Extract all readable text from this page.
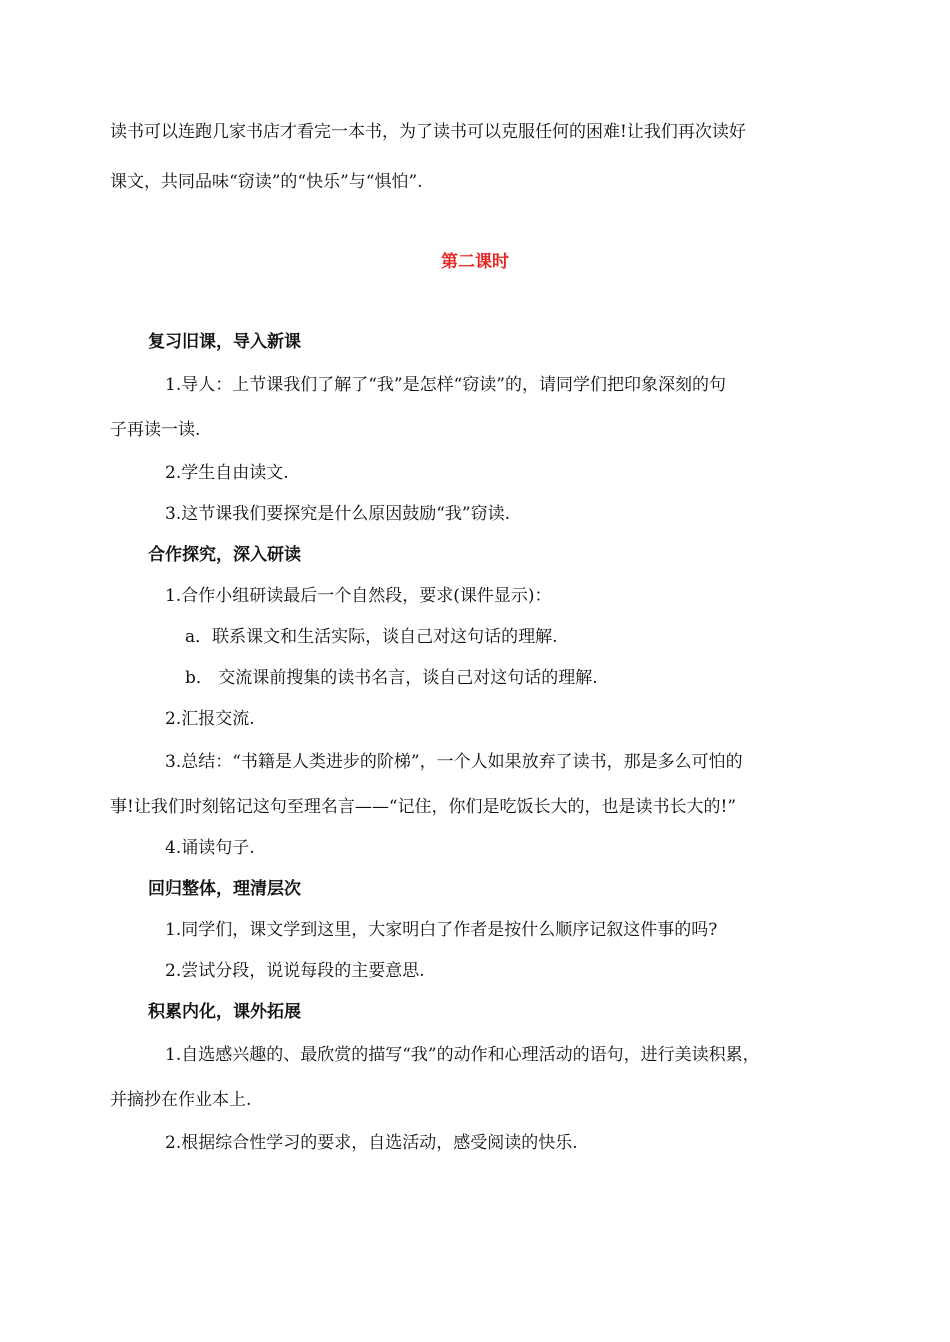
读书可以连跑几家书店才看完一本书，为了读书可以克服任何的困难!让我们再次读好
课文，共同品味“窃读”的“快乐”与“惧怕”.
第二课时
复习旧课，导入新课
1.导人：上节课我们了解了“我”是怎样“窃读”的，请同学们把印象深刻的句
子再读一读.
2.学生自由读文.
3.这节课我们要探究是什么原因鼓励“我”窃读.
合作探究，深入研读
1.合作小组研读最后一个自然段，要求(课件显示)：
a．联系课文和生活实际，谈自己对这句话的理解.
b． 交流课前搜集的读书名言，谈自己对这句话的理解.
2.汇报交流.
3.总结：“书籍是人类进步的阶梯”，一个人如果放弃了读书，那是多么可怕的
事!让我们时刻铭记这句至理名言——“记住，你们是吃饭长大的，也是读书长大的!”
4.诵读句子.
回归整体，理清层次
1.同学们，课文学到这里，大家明白了作者是按什么顺序记叙这件事的吗?
2.尝试分段，说说每段的主要意思.
积累内化，课外拓展
1.自选感兴趣的、最欣赏的描写“我”的动作和心理活动的语句，进行美读积累，
并摘抄在作业本上.
2.根据综合性学习的要求，自选活动，感受阅读的快乐.
